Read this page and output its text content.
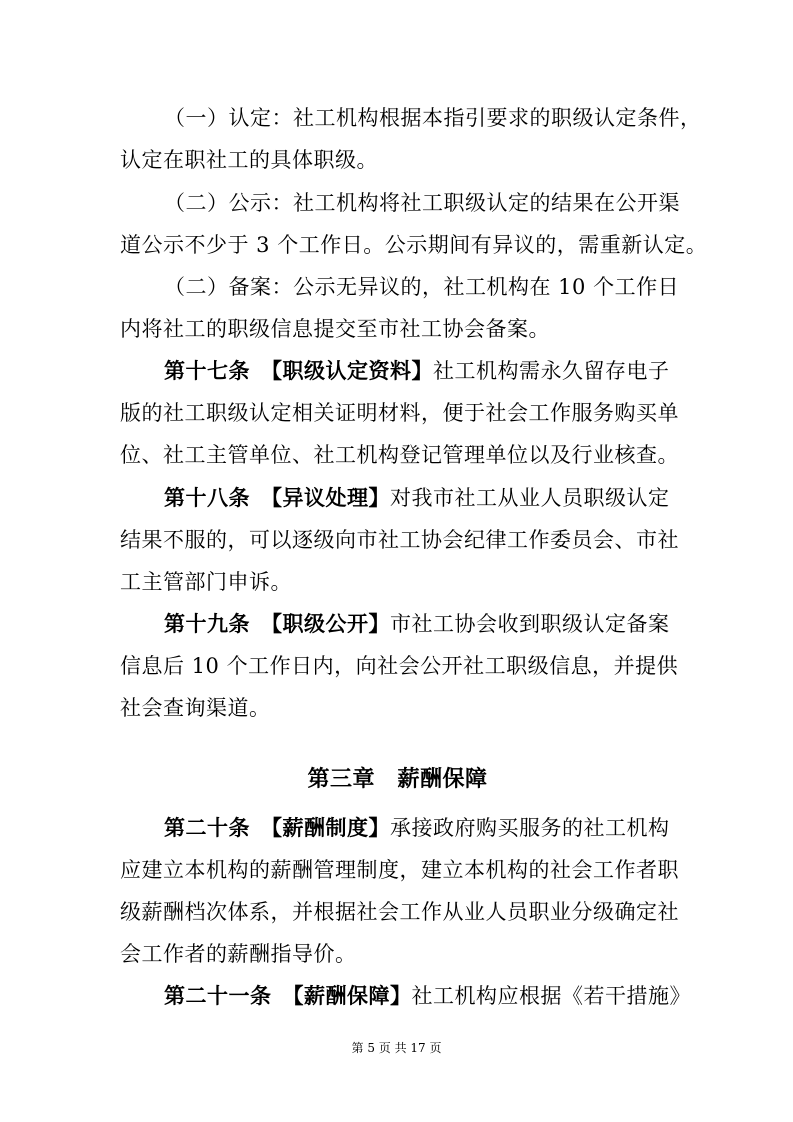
（一）认定：社工机构根据本指引要求的职级认定条件，
认定在职社工的具体职级。
（二）公示：社工机构将社工职级认定的结果在公开渠
道公示不少于 3 个工作日。公示期间有异议的，需重新认定。
（二）备案：公示无异议的，社工机构在 10 个工作日
内将社工的职级信息提交至市社工协会备案。
第十七条　【职级认定资料】社工机构需永久留存电子
版的社工职级认定相关证明材料，便于社会工作服务购买单
位、社工主管单位、社工机构登记管理单位以及行业核查。
第十八条　【异议处理】对我市社工从业人员职级认定
结果不服的，可以逐级向市社工协会纪律工作委员会、市社
工主管部门申诉。
第十九条　【职级公开】市社工协会收到职级认定备案
信息后 10 个工作日内，向社会公开社工职级信息，并提供
社会查询渠道。
第三章　薪酬保障
第二十条　【薪酬制度】承接政府购买服务的社工机构
应建立本机构的薪酬管理制度，建立本机构的社会工作者职
级薪酬档次体系，并根据社会工作从业人员职业分级确定社
会工作者的薪酬指导价。
第二十一条　【薪酬保障】社工机构应根据《若干措施》
第 5 页 共 17 页
